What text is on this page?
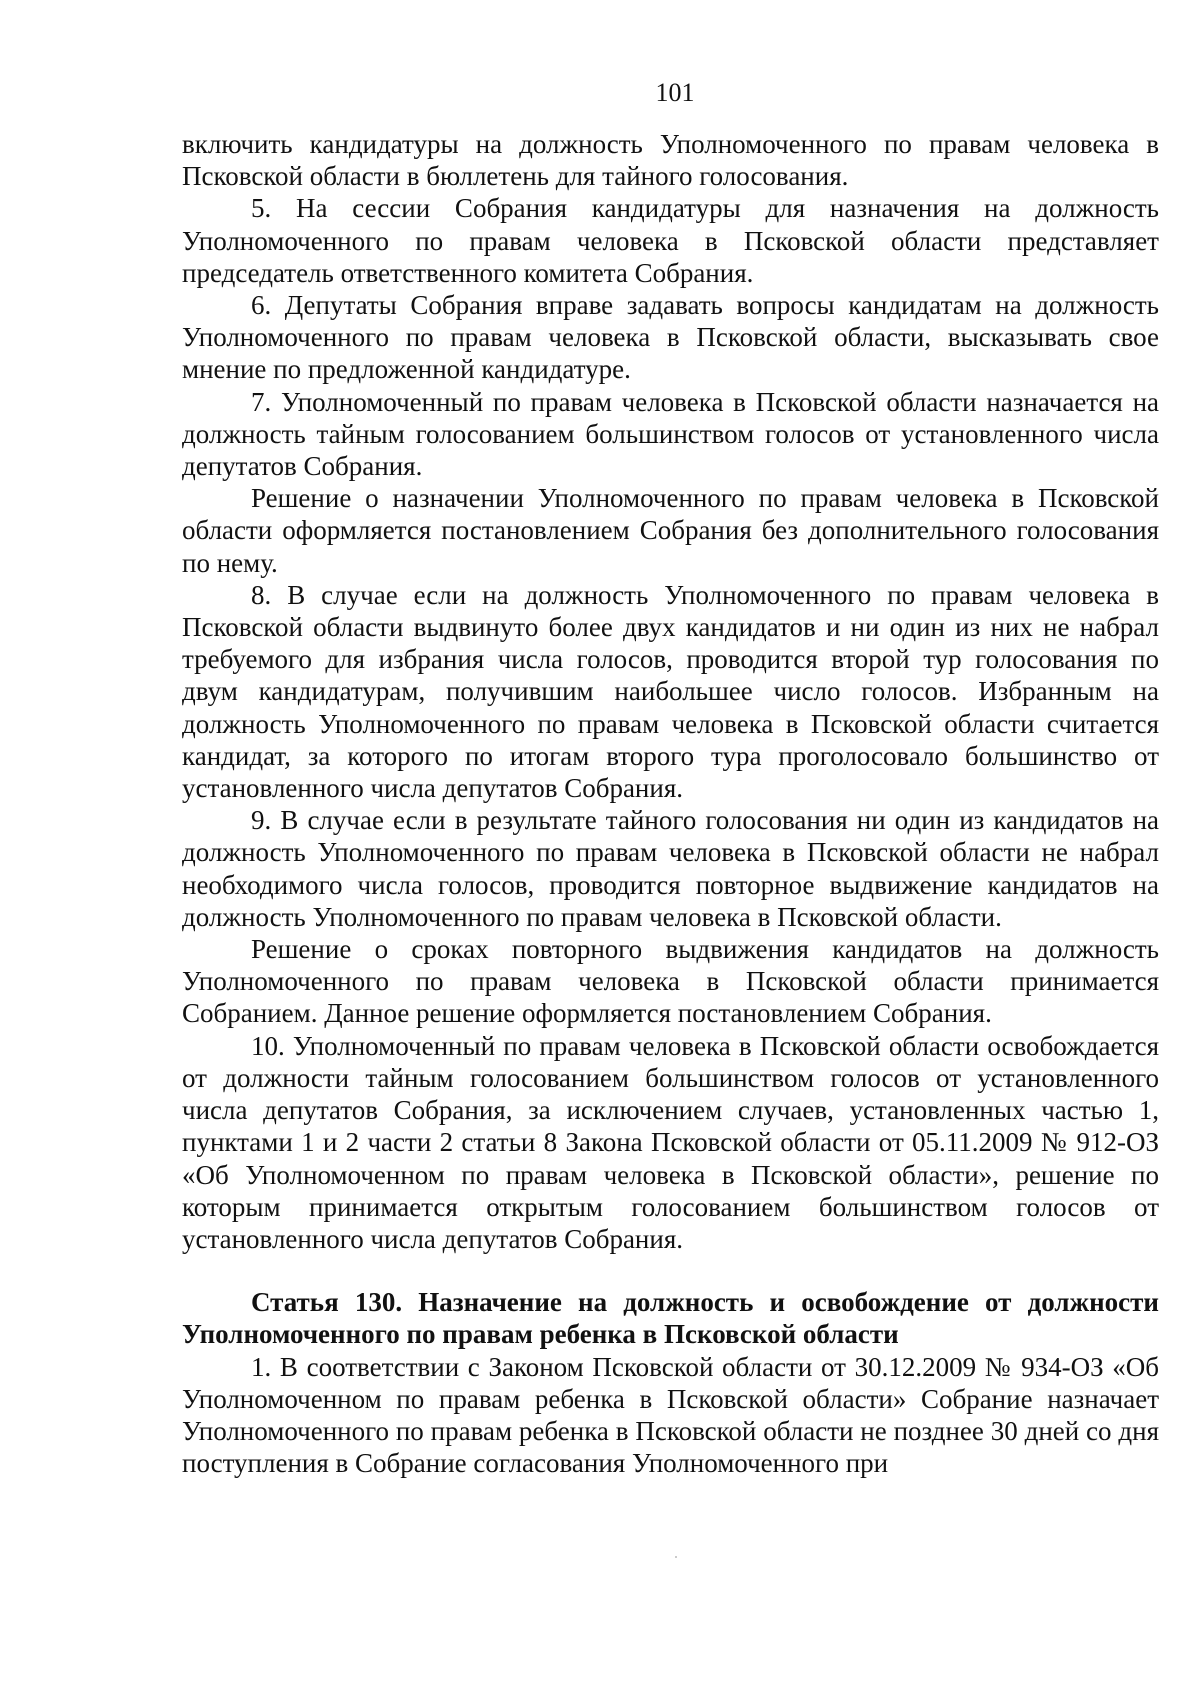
101

включить кандидатуры на должность Уполномоченного по правам человека в Псковской области в бюллетень для тайного голосования.

5. На сессии Собрания кандидатуры для назначения на должность Уполномоченного по правам человека в Псковской области представляет председатель ответственного комитета Собрания.

6. Депутаты Собрания вправе задавать вопросы кандидатам на должность Уполномоченного по правам человека в Псковской области, высказывать свое мнение по предложенной кандидатуре.

7. Уполномоченный по правам человека в Псковской области назначается на должность тайным голосованием большинством голосов от установленного числа депутатов Собрания.

Решение о назначении Уполномоченного по правам человека в Псковской области оформляется постановлением Собрания без дополнительного голосования по нему.

8. В случае если на должность Уполномоченного по правам человека в Псковской области выдвинуто более двух кандидатов и ни один из них не набрал требуемого для избрания числа голосов, проводится второй тур голосования по двум кандидатурам, получившим наибольшее число голосов. Избранным на должность Уполномоченного по правам человека в Псковской области считается кандидат, за которого по итогам второго тура проголосовало большинство от установленного числа депутатов Собрания.

9. В случае если в результате тайного голосования ни один из кандидатов на должность Уполномоченного по правам человека в Псковской области не набрал необходимого числа голосов, проводится повторное выдвижение кандидатов на должность Уполномоченного по правам человека в Псковской области.

Решение о сроках повторного выдвижения кандидатов на должность Уполномоченного по правам человека в Псковской области принимается Собранием. Данное решение оформляется постановлением Собрания.

10. Уполномоченный по правам человека в Псковской области освобождается от должности тайным голосованием большинством голосов от установленного числа депутатов Собрания, за исключением случаев, установленных частью 1, пунктами 1 и 2 части 2 статьи 8 Закона Псковской области от 05.11.2009 № 912-ОЗ «Об Уполномоченном по правам человека в Псковской области», решение по которым принимается открытым голосованием большинством голосов от установленного числа депутатов Собрания.

Статья 130. Назначение на должность и освобождение от должности Уполномоченного по правам ребенка в Псковской области

1. В соответствии с Законом Псковской области от 30.12.2009 № 934-ОЗ «Об Уполномоченном по правам ребенка в Псковской области» Собрание назначает Уполномоченного по правам ребенка в Псковской области не позднее 30 дней со дня поступления в Собрание согласования Уполномоченного при
